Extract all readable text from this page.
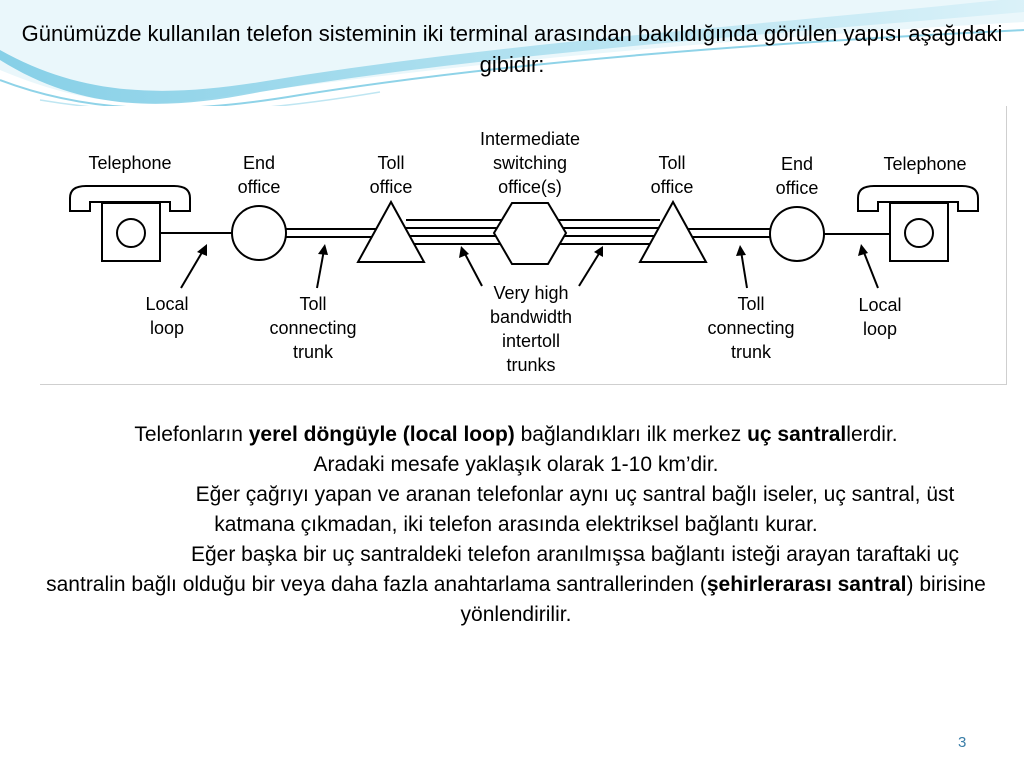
Günümüzde kullanılan telefon sisteminin iki terminal arasından bakıldığında görülen yapısı aşağıdaki gibidir:
Telephone	End
office
Toll
office
Intermediate
switching
office(s)
Toll
office
End
office
Telephone
Local
loop
Toll
connecting
trunk
Very high
bandwidth
intertoll
trunks
Toll
connecting
trunk
Local
loop

Telefonların yerel döngüyle (local loop) bağlandıkları ilk merkez uç santrallerdir.

Aradaki mesafe yaklaşık olarak 1-10 km’dir.

Eğer çağrıyı yapan ve aranan telefonlar aynı uç santral bağlı iseler, uç santral, üst katmana çıkmadan, iki telefon arasında elektriksel bağlantı kurar.

Eğer başka bir uç santraldeki telefon aranılmışsa bağlantı isteği arayan taraftaki uç santralin bağlı olduğu bir veya daha fazla anahtarlama santrallerinden (şehirlerarası santral) birisine yönlendirilir.

3
